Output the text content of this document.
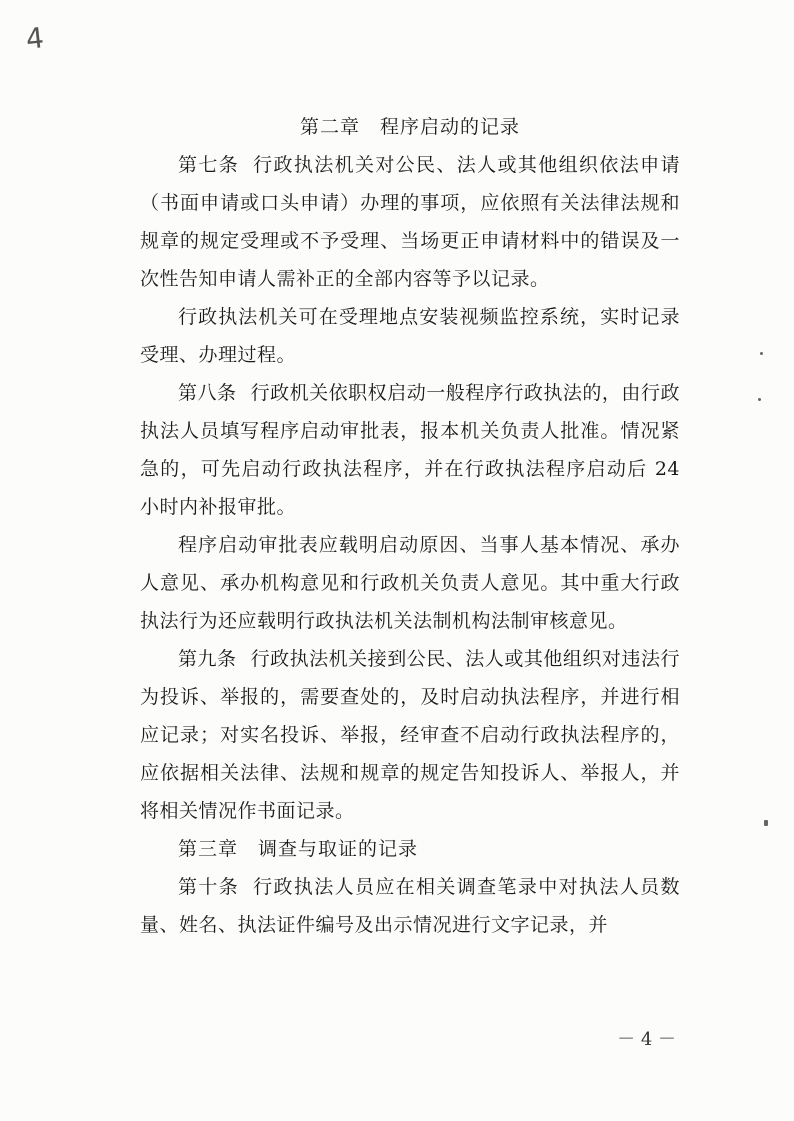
4
第二章 程序启动的记录

第七条 行政执法机关对公民、法人或其他组织依法申请（书面申请或口头申请）办理的事项，应依照有关法律法规和规章的规定受理或不予受理、当场更正申请材料中的错误及一次性告知申请人需补正的全部内容等予以记录。

行政执法机关可在受理地点安装视频监控系统，实时记录受理、办理过程。

第八条 行政机关依职权启动一般程序行政执法的，由行政执法人员填写程序启动审批表，报本机关负责人批准。情况紧急的，可先启动行政执法程序，并在行政执法程序启动后 24 小时内补报审批。

程序启动审批表应载明启动原因、当事人基本情况、承办人意见、承办机构意见和行政机关负责人意见。其中重大行政执法行为还应载明行政执法机关法制机构法制审核意见。

第九条 行政执法机关接到公民、法人或其他组织对违法行为投诉、举报的，需要查处的，及时启动执法程序，并进行相应记录；对实名投诉、举报，经审查不启动行政执法程序的，应依据相关法律、法规和规章的规定告知投诉人、举报人，并将相关情况作书面记录。

第三章 调查与取证的记录

第十条 行政执法人员应在相关调查笔录中对执法人员数量、姓名、执法证件编号及出示情况进行文字记录，并

－ 4 －
